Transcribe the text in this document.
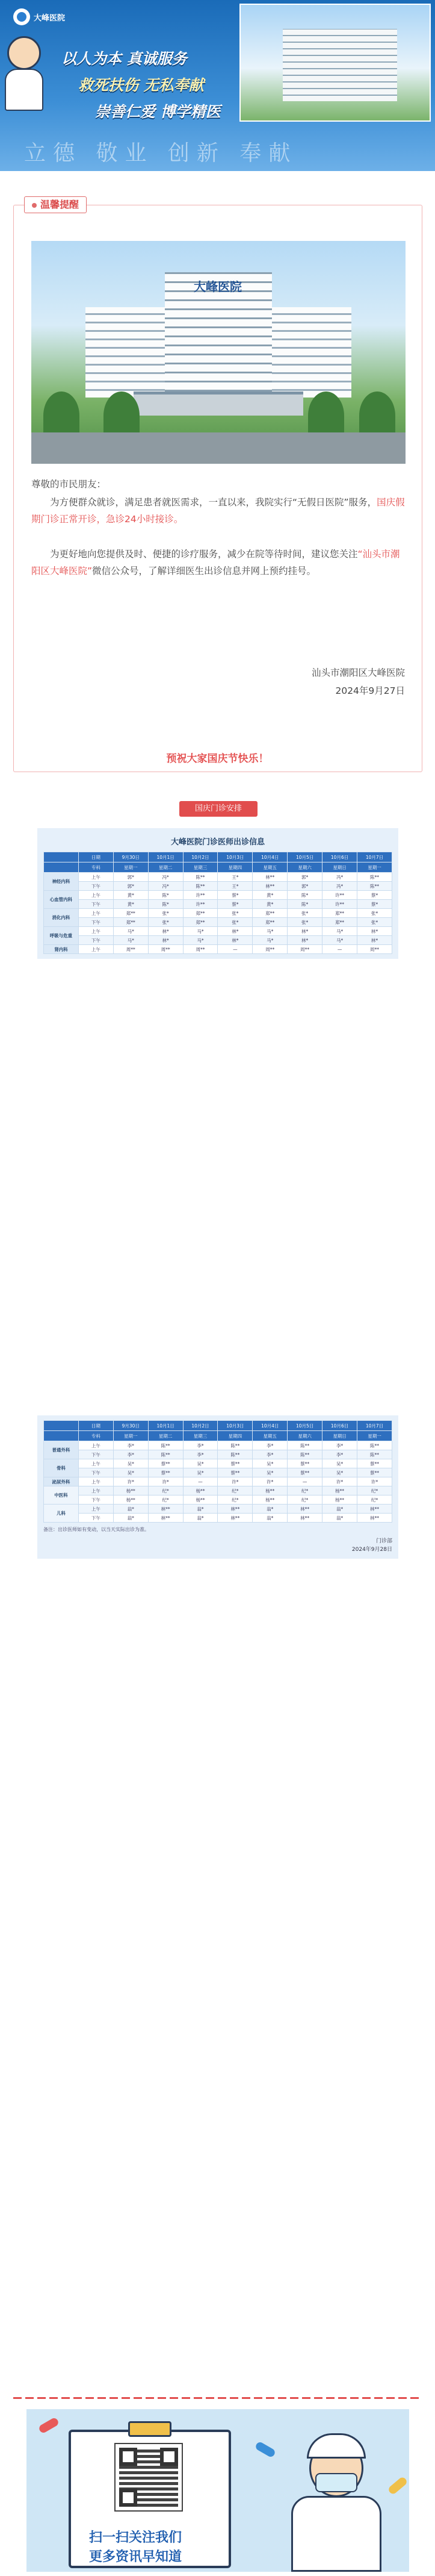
大峰医院
以人为本 真诚服务
救死扶伤 无私奉献
崇善仁爱 博学精医
立德 敬业 创新 奉献
温馨提醒
大峰医院
尊敬的市民朋友：
为方便群众就诊，满足患者就医需求，一直以来，我院实行“无假日医院”服务，国庆假期门诊正常开诊，急诊24小时接诊。
为更好地向您提供及时、便捷的诊疗服务，减少在院等待时间，建议您关注“汕头市潮阳区大峰医院”微信公众号，了解详细医生出诊信息并网上预约挂号。
汕头市潮阳区大峰医院
2024年9月27日
预祝大家国庆节快乐！
国庆门诊安排
大峰医院门诊医师出诊信息
	日期	9月30日	10月1日	10月2日	10月3日	10月4日	10月5日	10月6日	10月7日
	专科	星期一	星期二	星期三	星期四	星期五	星期六	星期日	星期一
神经内科	上午	郭*	冯*	陈**	王*	林**	郭*	冯*	陈**
	下午	郭*	冯*	陈**	王*	林**	郭*	冯*	陈**
心血管内科	上午	黄*	陈*	许**	蔡*	黄*	陈*	许**	蔡*
	下午	黄*	陈*	许**	蔡*	黄*	陈*	许**	蔡*
消化内科	上午	郑**	张*	郑**	张*	郑**	张*	郑**	张*
	下午	郑**	张*	郑**	张*	郑**	张*	郑**	张*
呼吸与危重	上午	马*	林*	马*	林*	马*	林*	马*	林*
	下午	马*	林*	马*	林*	马*	林*	马*	林*
肾内科	上午	周**	周**	周**	—	周**	周**	—	周**
	日期	9月30日	10月1日	10月2日	10月3日	10月4日	10月5日	10月6日	10月7日
	专科	星期一	星期二	星期三	星期四	星期五	星期六	星期日	星期一
普通外科	上午	李*	陈**	李*	陈**	李*	陈**	李*	陈**
	下午	李*	陈**	李*	陈**	李*	陈**	李*	陈**
骨科	上午	吴*	蔡**	吴*	蔡**	吴*	蔡**	吴*	蔡**
	下午	吴*	蔡**	吴*	蔡**	吴*	蔡**	吴*	蔡**
泌尿外科	上午	许*	许*	—	许*	许*	—	许*	许*
中医科	上午	杨**	纪*	杨**	纪*	杨**	纪*	杨**	纪*
	下午	杨**	纪*	杨**	纪*	杨**	纪*	杨**	纪*
儿科	上午	翁*	林**	翁*	林**	翁*	林**	翁*	林**
	下午	翁*	林**	翁*	林**	翁*	林**	翁*	林**
备注：出诊医师如有变动，以当天实际出诊为准。
门诊部
2024年9月28日
扫一扫关注我们
更多资讯早知道
